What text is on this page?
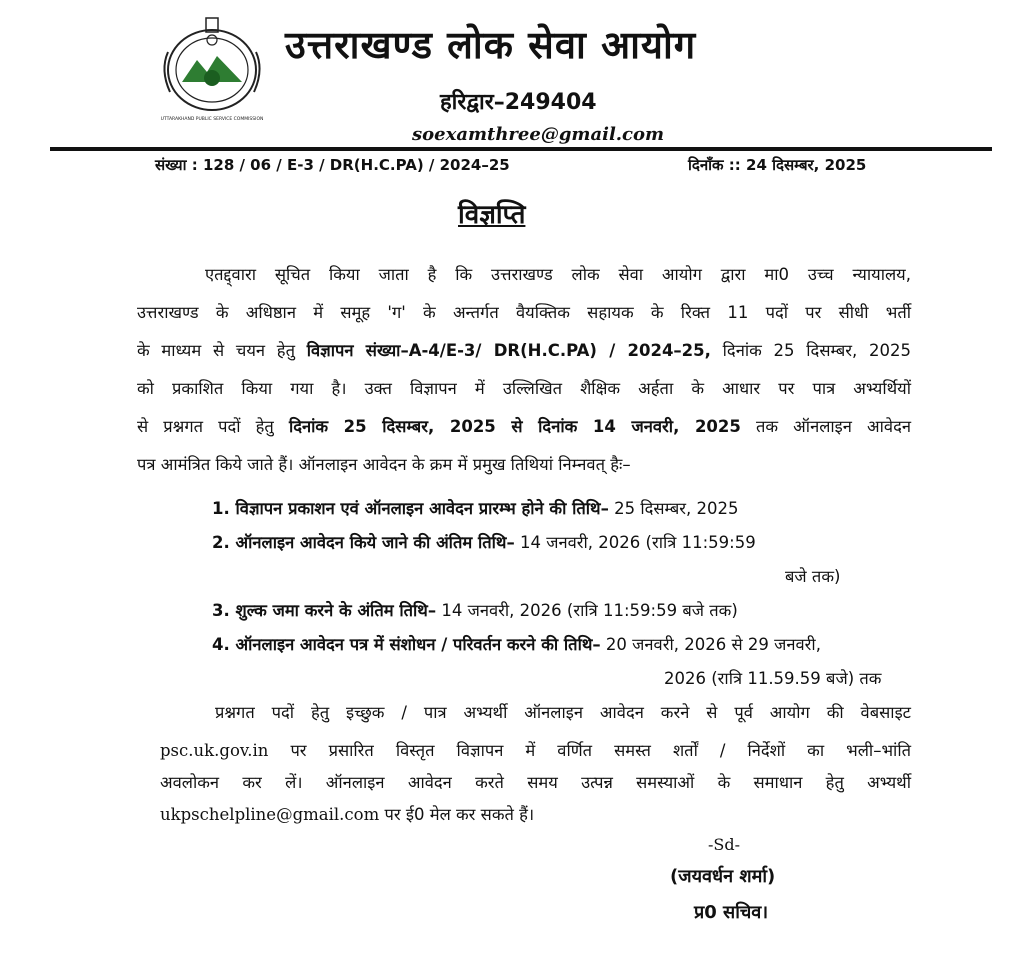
UTTARAKHAND PUBLIC SERVICE COMMISSION
उत्तराखण्ड लोक सेवा आयोग
हरिद्वार–249404
soexamthree@gmail.com
संख्या : 128 / 06 / E-3 / DR(H.C.PA) / 2024–25	दिनाँक :: 24 दिसम्बर, 2025
विज्ञप्ति
एतद्द्वारा सूचित किया जाता है कि उत्तराखण्ड लोक सेवा आयोग द्वारा मा0 उच्च न्यायालय,
उत्तराखण्ड के अधिष्ठान में समूह 'ग' के अन्तर्गत वैयक्तिक सहायक के रिक्त 11 पदों पर सीधी भर्ती
के माध्यम से चयन हेतु विज्ञापन संख्या–A-4/E-3/ DR(H.C.PA) / 2024–25, दिनांक 25 दिसम्बर, 2025
को प्रकाशित किया गया है। उक्त विज्ञापन में उल्लिखित शैक्षिक अर्हता के आधार पर पात्र अभ्यर्थियों
से प्रश्नगत पदों हेतु दिनांक 25 दिसम्बर, 2025 से दिनांक 14 जनवरी, 2025 तक ऑनलाइन आवेदन
पत्र आमंत्रित किये जाते हैं। ऑनलाइन आवेदन के क्रम में प्रमुख तिथियां निम्नवत् हैः–
1. विज्ञापन प्रकाशन एवं ऑनलाइन आवेदन प्रारम्भ होने की तिथि– 25 दिसम्बर, 2025
2. ऑनलाइन आवेदन किये जाने की अंतिम तिथि– 14 जनवरी, 2026 (रात्रि 11:59:59
बजे तक)
3. शुल्क जमा करने के अंतिम तिथि– 14 जनवरी, 2026 (रात्रि 11:59:59 बजे तक)
4. ऑनलाइन आवेदन पत्र में संशोधन / परिवर्तन करने की तिथि– 20 जनवरी, 2026 से 29 जनवरी,
2026 (रात्रि 11.59.59 बजे) तक
प्रश्नगत पदों हेतु इच्छुक / पात्र अभ्यर्थी ऑनलाइन आवेदन करने से पूर्व आयोग की वेबसाइट
psc.uk.gov.in पर प्रसारित विस्तृत विज्ञापन में वर्णित समस्त शर्तों / निर्देशों का भली–भांति
अवलोकन कर लें। ऑनलाइन आवेदन करते समय उत्पन्न समस्याओं के समाधान हेतु अभ्यर्थी
ukpschelpline@gmail.com पर ई0 मेल कर सकते हैं।
-Sd-
(जयवर्धन शर्मा)
प्र0 सचिव।
